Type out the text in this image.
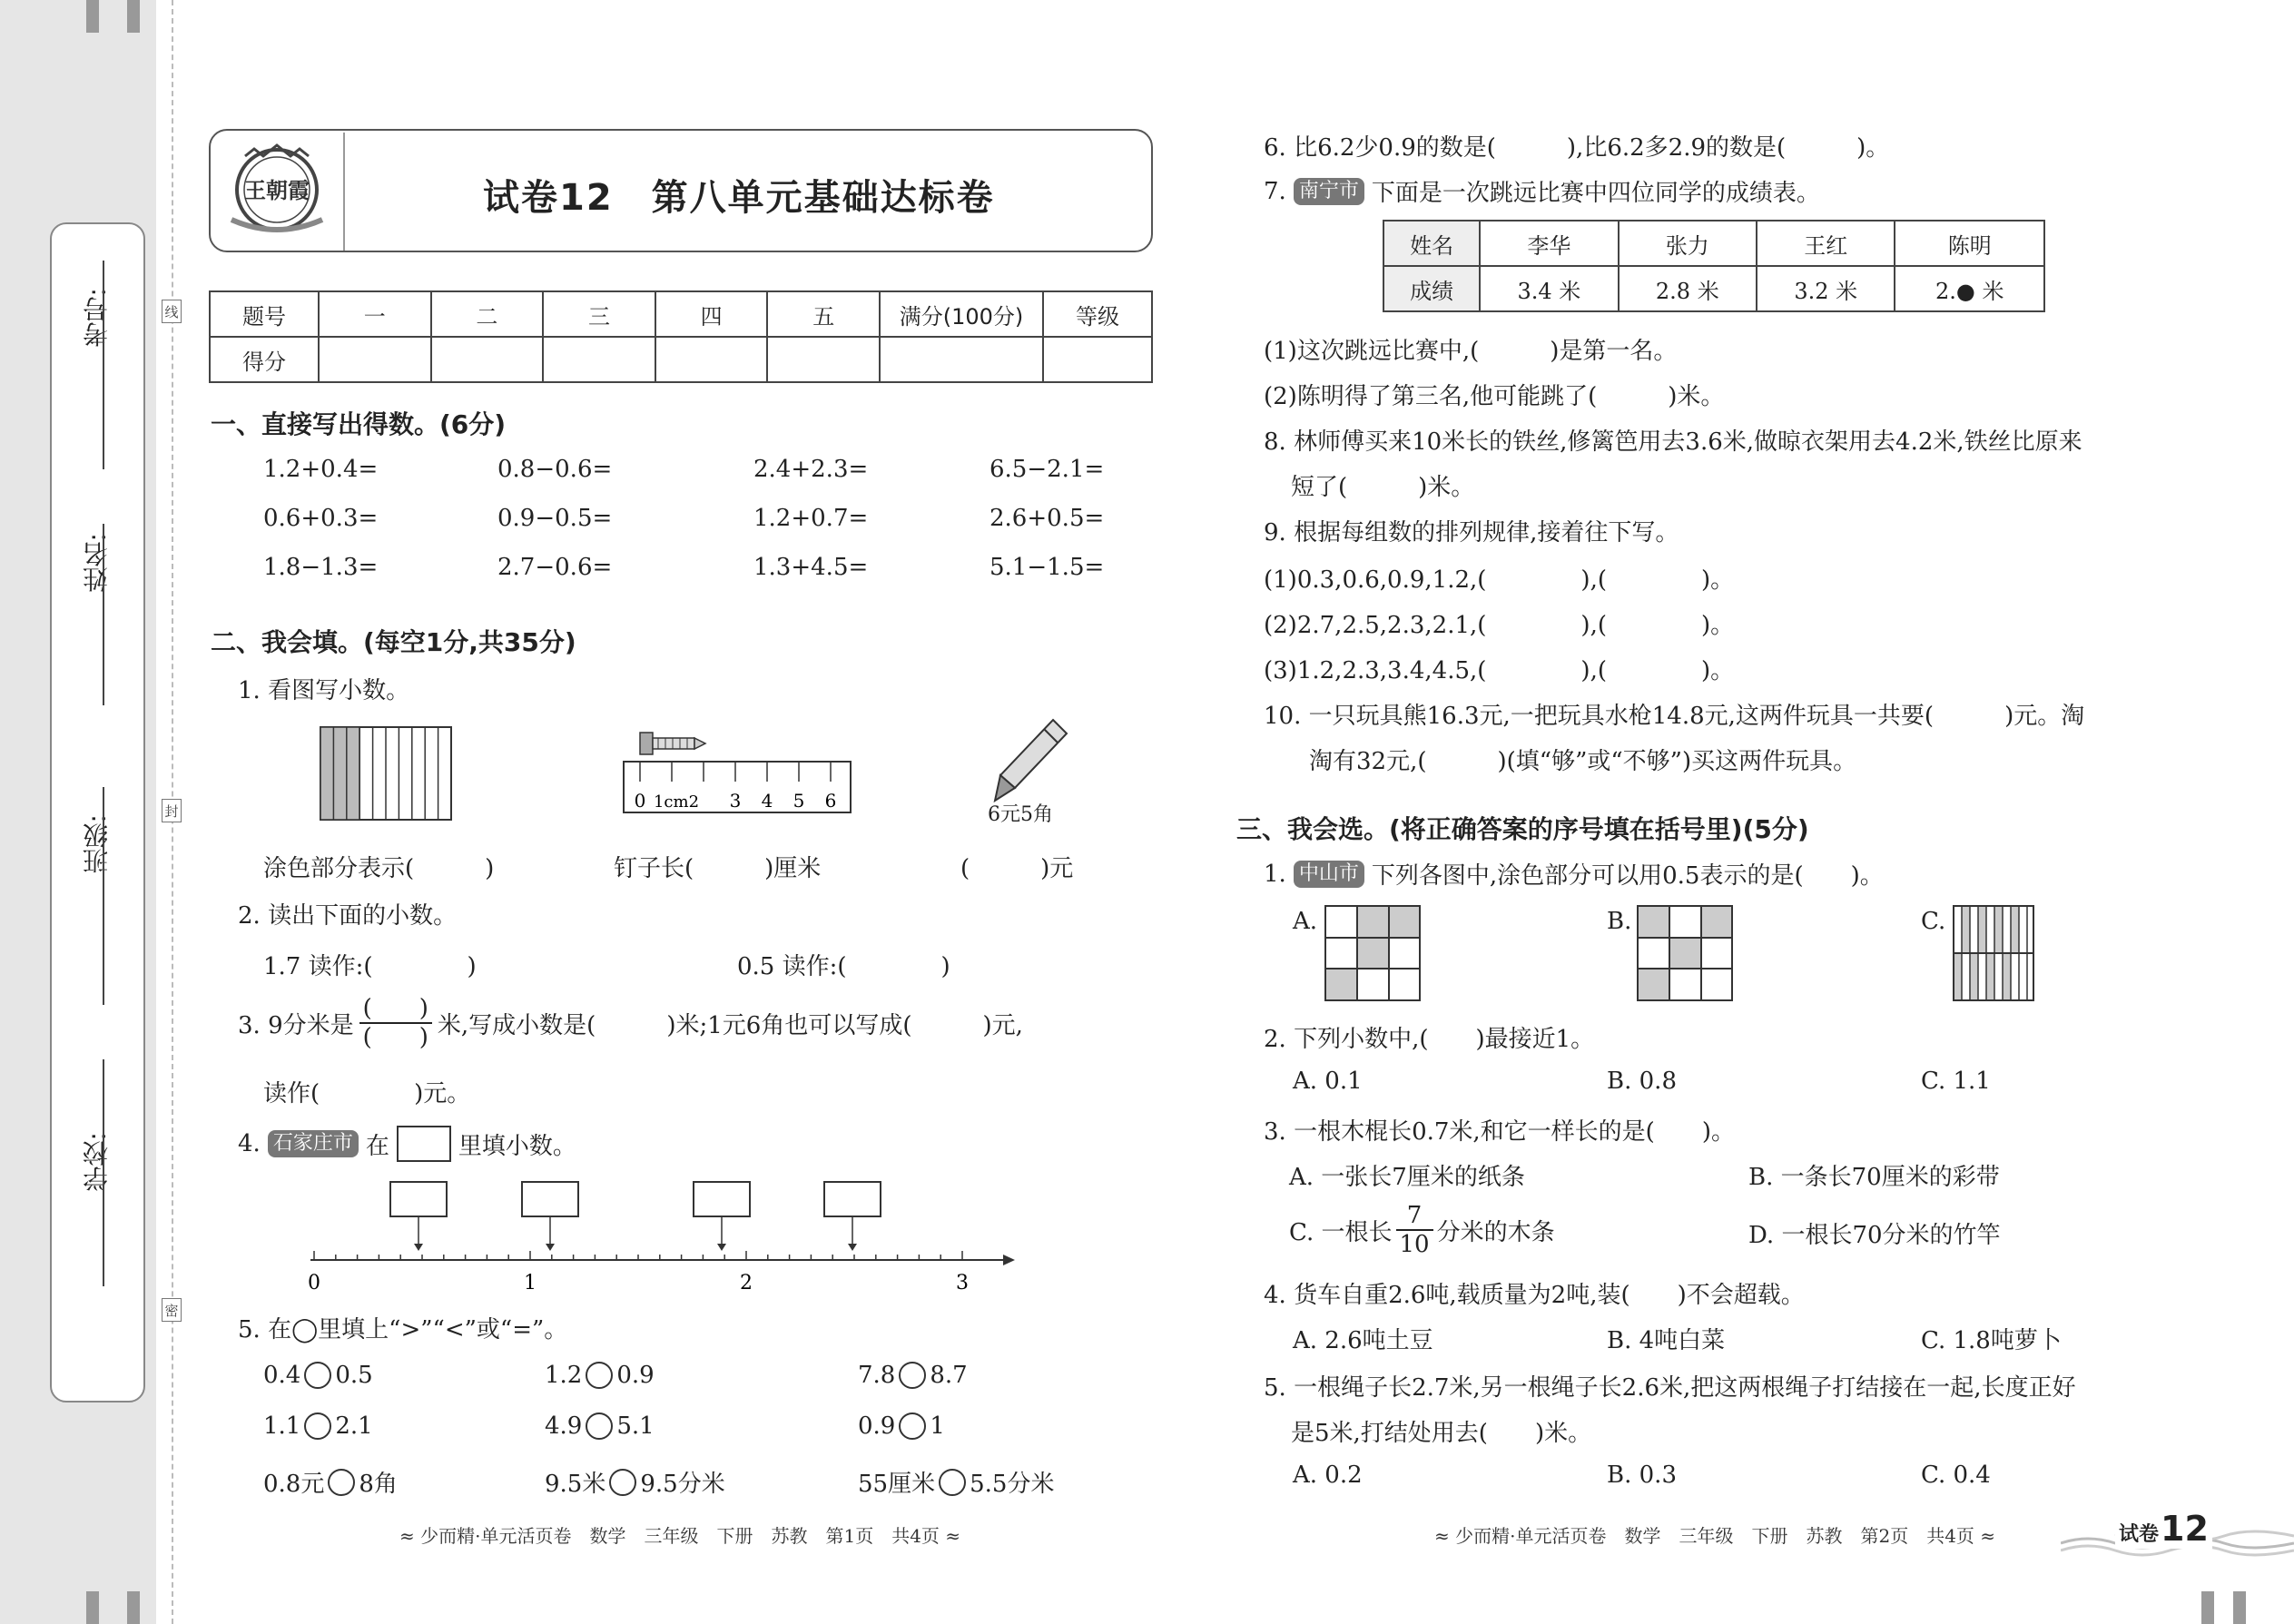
考号:
姓名:
班级:
学校:
线
封
密
王朝霞	试卷12　第八单元基础达标卷
题号	一	二	三	四	五	满分(100分)	等级
得分							
一、直接写出得数。(6分)
1.2+0.4=	0.8−0.6=	2.4+2.3=	6.5−2.1=
0.6+0.3=	0.9−0.5=	1.2+0.7=	2.6+0.5=
1.8−1.3=	2.7−0.6=	1.3+4.5=	5.1−1.5=
二、我会填。(每空1分,共35分)
1. 看图写小数。
0 1cm2 3 4 5 6
6元5角
涂色部分表示(　　　)	钉子长(　　　)厘米	(　　　)元
2. 读出下面的小数。
1.7 读作:(　　　　)	0.5 读作:(　　　　)
3. 9分米是 $\frac{( )}{( )}$ 米,写成小数是(　　　)米;1元6角也可以写成(　　　)元,
读作(　　　　)元。
4. 石家庄市 在	里填小数。
0	1	2	3
5. 在◯里填上“>”“<”或“=”。
0.4 0.5	1.2 0.9	7.8 8.7
1.1 2.1	4.9 5.1	0.9 1
0.8元 8角	9.5米 9.5分米	55厘米 5.5分米
6. 比6.2少0.9的数是(　　　),比6.2多2.9的数是(　　　)。
7. 南宁市 下面是一次跳远比赛中四位同学的成绩表。
姓名	李华	张力	王红	陈明
成绩	3.4 米	2.8 米	3.2 米	2.● 米
(1)这次跳远比赛中,(　　　)是第一名。
(2)陈明得了第三名,他可能跳了(　　　)米。
8. 林师傅买来10米长的铁丝,修篱笆用去3.6米,做晾衣架用去4.2米,铁丝比原来
短了(　　　)米。
9. 根据每组数的排列规律,接着往下写。
(1)0.3,0.6,0.9,1.2,(　　　　),(　　　　)。
(2)2.7,2.5,2.3,2.1,(　　　　),(　　　　)。
(3)1.2,2.3,3.4,4.5,(　　　　),(　　　　)。
10. 一只玩具熊16.3元,一把玩具水枪14.8元,这两件玩具一共要(　　　)元。淘
淘有32元,(　　　)(填“够”或“不够”)买这两件玩具。
三、我会选。(将正确答案的序号填在括号里)(5分)
1. 中山市 下列各图中,涂色部分可以用0.5表示的是(　　)。
A.	B.	C.
2. 下列小数中,(　　)最接近1。
A. 0.1	B. 0.8	C. 1.1
3. 一根木棍长0.7米,和它一样长的是(　　)。
A. 一张长7厘米的纸条	B. 一条长70厘米的彩带
C. 一根长 $\frac{7}{10}$ 分米的木条	D. 一根长70分米的竹竿
4. 货车自重2.6吨,载质量为2吨,装(　　)不会超载。
A. 2.6吨土豆	B. 4吨白菜	C. 1.8吨萝卜
5. 一根绳子长2.7米,另一根绳子长2.6米,把这两根绳子打结接在一起,长度正好
是5米,打结处用去(　　)米。
A. 0.2	B. 0.3	C. 0.4
≈ 少而精·单元活页卷　数学　三年级　下册　苏教　第1页　共4页 ≈	≈ 少而精·单元活页卷　数学　三年级　下册　苏教　第2页　共4页 ≈	试卷 12
